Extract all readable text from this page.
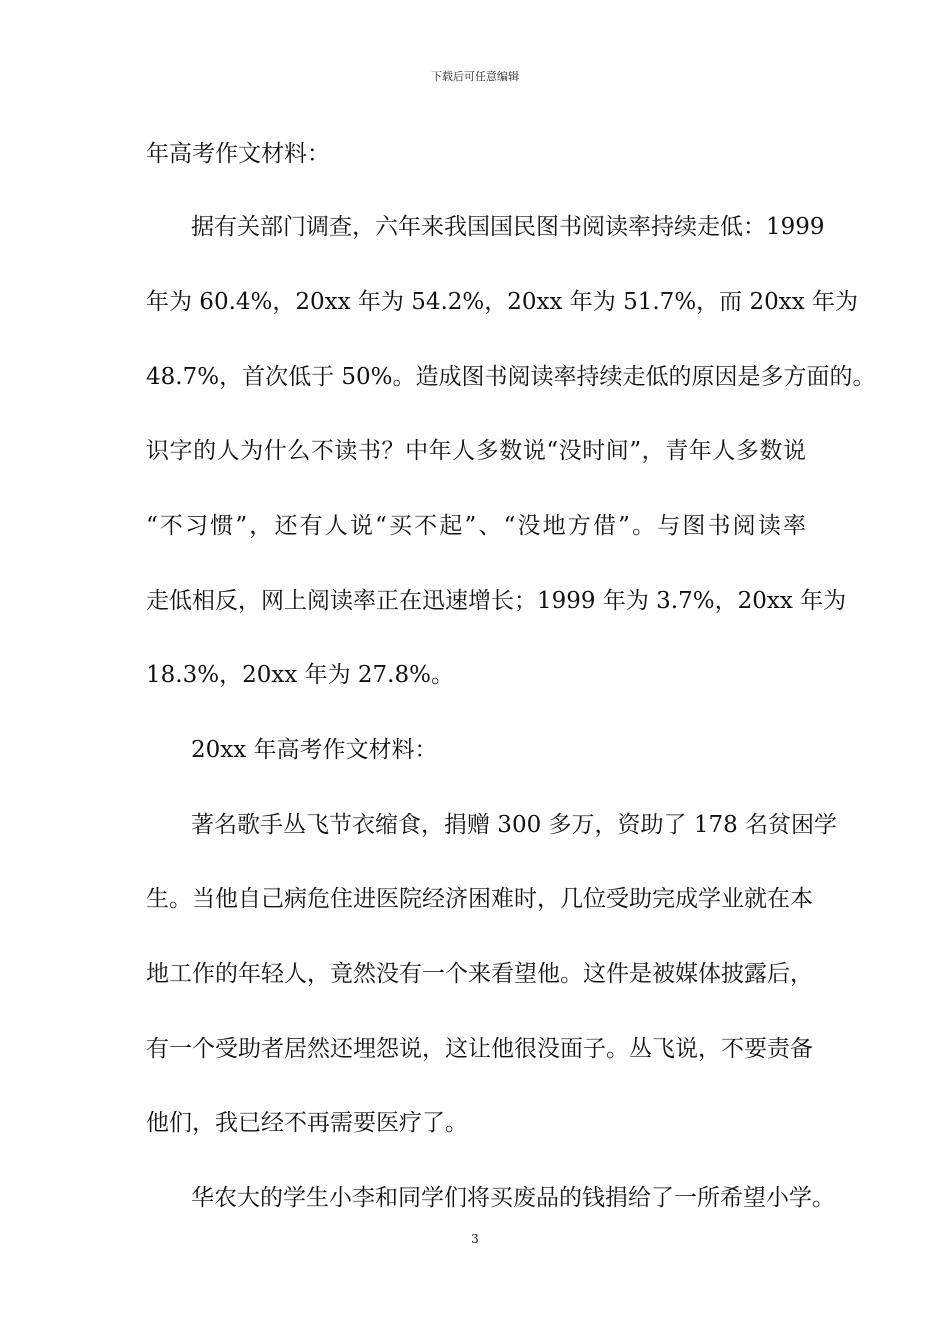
下载后可任意编辑
年高考作文材料：
据有关部门调查，六年来我国国民图书阅读率持续走低：1999
年为 60.4%，20xx 年为 54.2%，20xx 年为 51.7%，而 20xx 年为
48.7%，首次低于 50%。造成图书阅读率持续走低的原因是多方面的。
识字的人为什么不读书？中年人多数说“没时间”，青年人多数说
“不习惯”，还有人说“买不起”、“没地方借”。与图书阅读率
走低相反，网上阅读率正在迅速增长；1999 年为 3.7%，20xx 年为
18.3%，20xx 年为 27.8%。
20xx 年高考作文材料：
著名歌手丛飞节衣缩食，捐赠 300 多万，资助了 178 名贫困学
生。当他自己病危住进医院经济困难时，几位受助完成学业就在本
地工作的年轻人，竟然没有一个来看望他。这件是被媒体披露后，
有一个受助者居然还埋怨说，这让他很没面子。丛飞说，不要责备
他们，我已经不再需要医疗了。
华农大的学生小李和同学们将买废品的钱捐给了一所希望小学。
3
